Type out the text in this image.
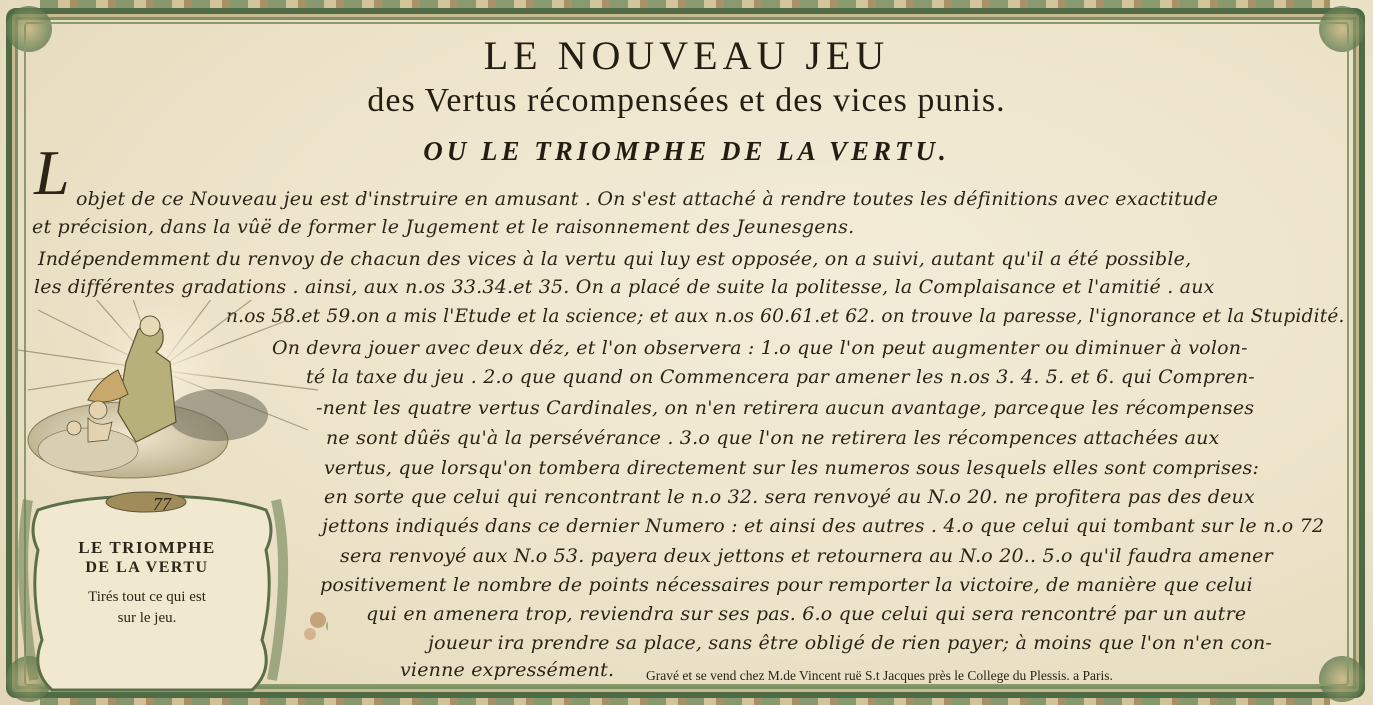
LE NOUVEAU JEU
des Vertus récompensées et des vices punis.
OU LE TRIOMPHE DE LA VERTU.
L objet de ce Nouveau jeu est d'instruire en amusant . On s'est attaché à rendre toutes les définitions avec exactitude
et précision, dans la vûë de former le Jugement et le raisonnement des Jeunesgens.
Indépendemment du renvoy de chacun des vices à la vertu qui luy est opposée, on a suivi, autant qu'il a été possible,
les différentes gradations . ainsi, aux n.os 33.34.et 35. On a placé de suite la politesse, la Complaisance et l'amitié . aux
n.os 58.et 59.on a mis l'Etude et la science; et aux n.os 60.61.et 62. on trouve la paresse, l'ignorance et la Stupidité.
On devra jouer avec deux déz, et l'on observera : 1.o que l'on peut augmenter ou diminuer à volon-
té la taxe du jeu . 2.o que quand on Commencera par amener les n.os 3. 4. 5. et 6. qui Compren-
-nent les quatre vertus Cardinales, on n'en retirera aucun avantage, parceque les récompenses
ne sont dûës qu'à la persévérance . 3.o que l'on ne retirera les récompences attachées aux
vertus, que lorsqu'on tombera directement sur les numeros sous lesquels elles sont comprises:
en sorte que celui qui rencontrant le n.o 32. sera renvoyé au N.o 20. ne profitera pas des deux
jettons indiqués dans ce dernier Numero : et ainsi des autres . 4.o que celui qui tombant sur le n.o 72
sera renvoyé aux N.o 53. payera deux jettons et retournera au N.o 20.. 5.o qu'il faudra amener
positivement le nombre de points nécessaires pour remporter la victoire, de manière que celui
qui en amenera trop, reviendra sur ses pas. 6.o que celui qui sera rencontré par un autre
joueur ira prendre sa place, sans être obligé de rien payer; à moins que l'on n'en con-
vienne expressément.
77
LE TRIOMPHE
DE LA VERTU
Tirés tout ce qui est
sur le jeu.
Gravé et se vend chez M.de Vincent ruë S.t Jacques près le College du Plessis. a Paris.
